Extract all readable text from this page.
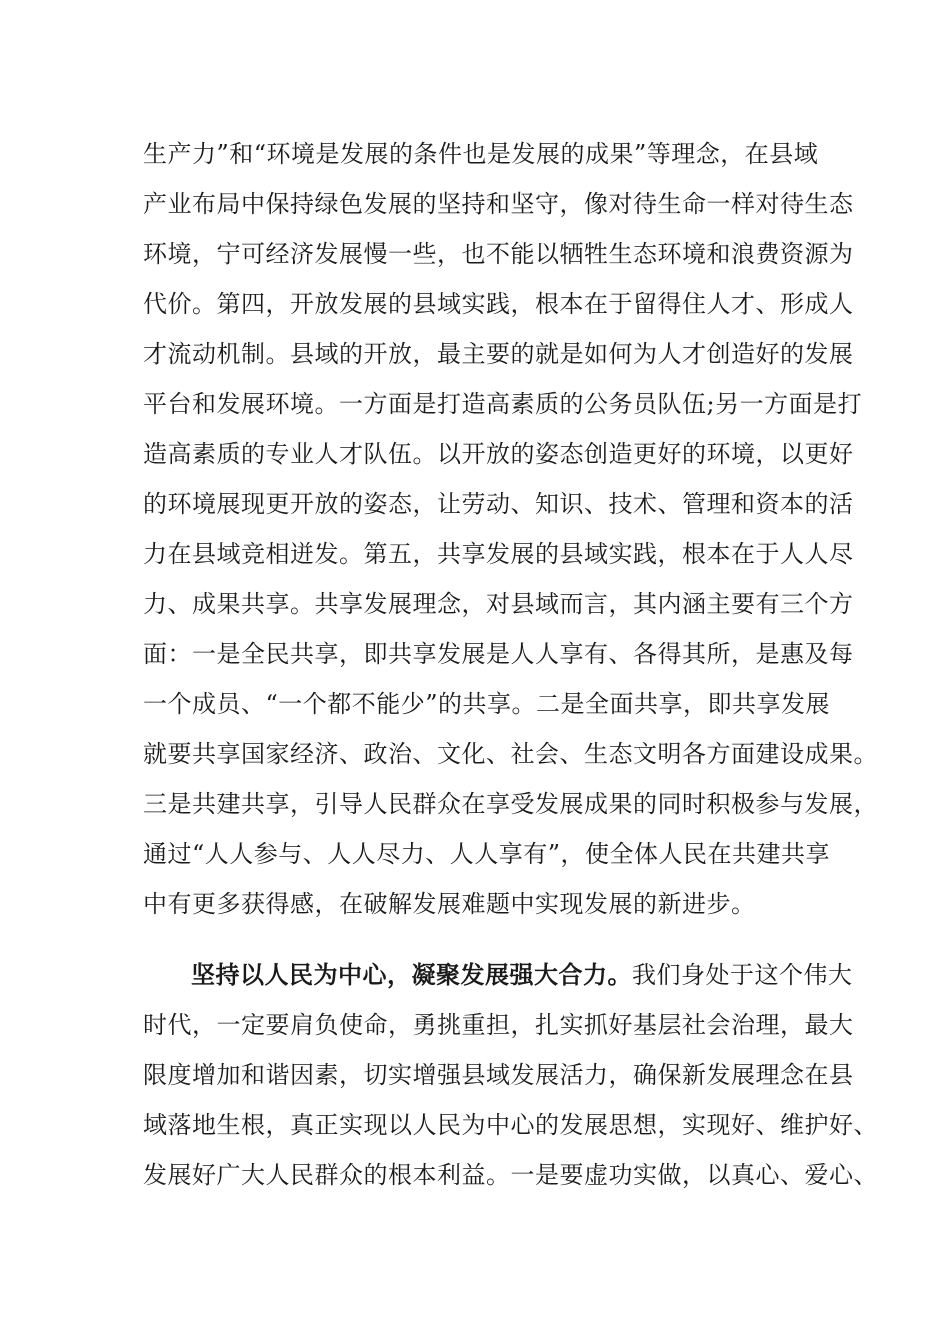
生产力”和“环境是发展的条件也是发展的成果”等理念，在县域
产业布局中保持绿色发展的坚持和坚守，像对待生命一样对待生态
环境，宁可经济发展慢一些，也不能以牺牲生态环境和浪费资源为
代价。第四，开放发展的县域实践，根本在于留得住人才、形成人
才流动机制。县域的开放，最主要的就是如何为人才创造好的发展
平台和发展环境。一方面是打造高素质的公务员队伍;另一方面是打
造高素质的专业人才队伍。以开放的姿态创造更好的环境，以更好
的环境展现更开放的姿态，让劳动、知识、技术、管理和资本的活
力在县域竞相迸发。第五，共享发展的县域实践，根本在于人人尽
力、成果共享。共享发展理念，对县域而言，其内涵主要有三个方
面：一是全民共享，即共享发展是人人享有、各得其所，是惠及每
一个成员、“一个都不能少”的共享。二是全面共享，即共享发展
就要共享国家经济、政治、文化、社会、生态文明各方面建设成果。
三是共建共享，引导人民群众在享受发展成果的同时积极参与发展，
通过“人人参与、人人尽力、人人享有”，使全体人民在共建共享
中有更多获得感，在破解发展难题中实现发展的新进步。
坚持以人民为中心，凝聚发展强大合力。我们身处于这个伟大
时代，一定要肩负使命，勇挑重担，扎实抓好基层社会治理，最大
限度增加和谐因素，切实增强县域发展活力，确保新发展理念在县
域落地生根，真正实现以人民为中心的发展思想，实现好、维护好、
发展好广大人民群众的根本利益。一是要虚功实做，以真心、爱心、
